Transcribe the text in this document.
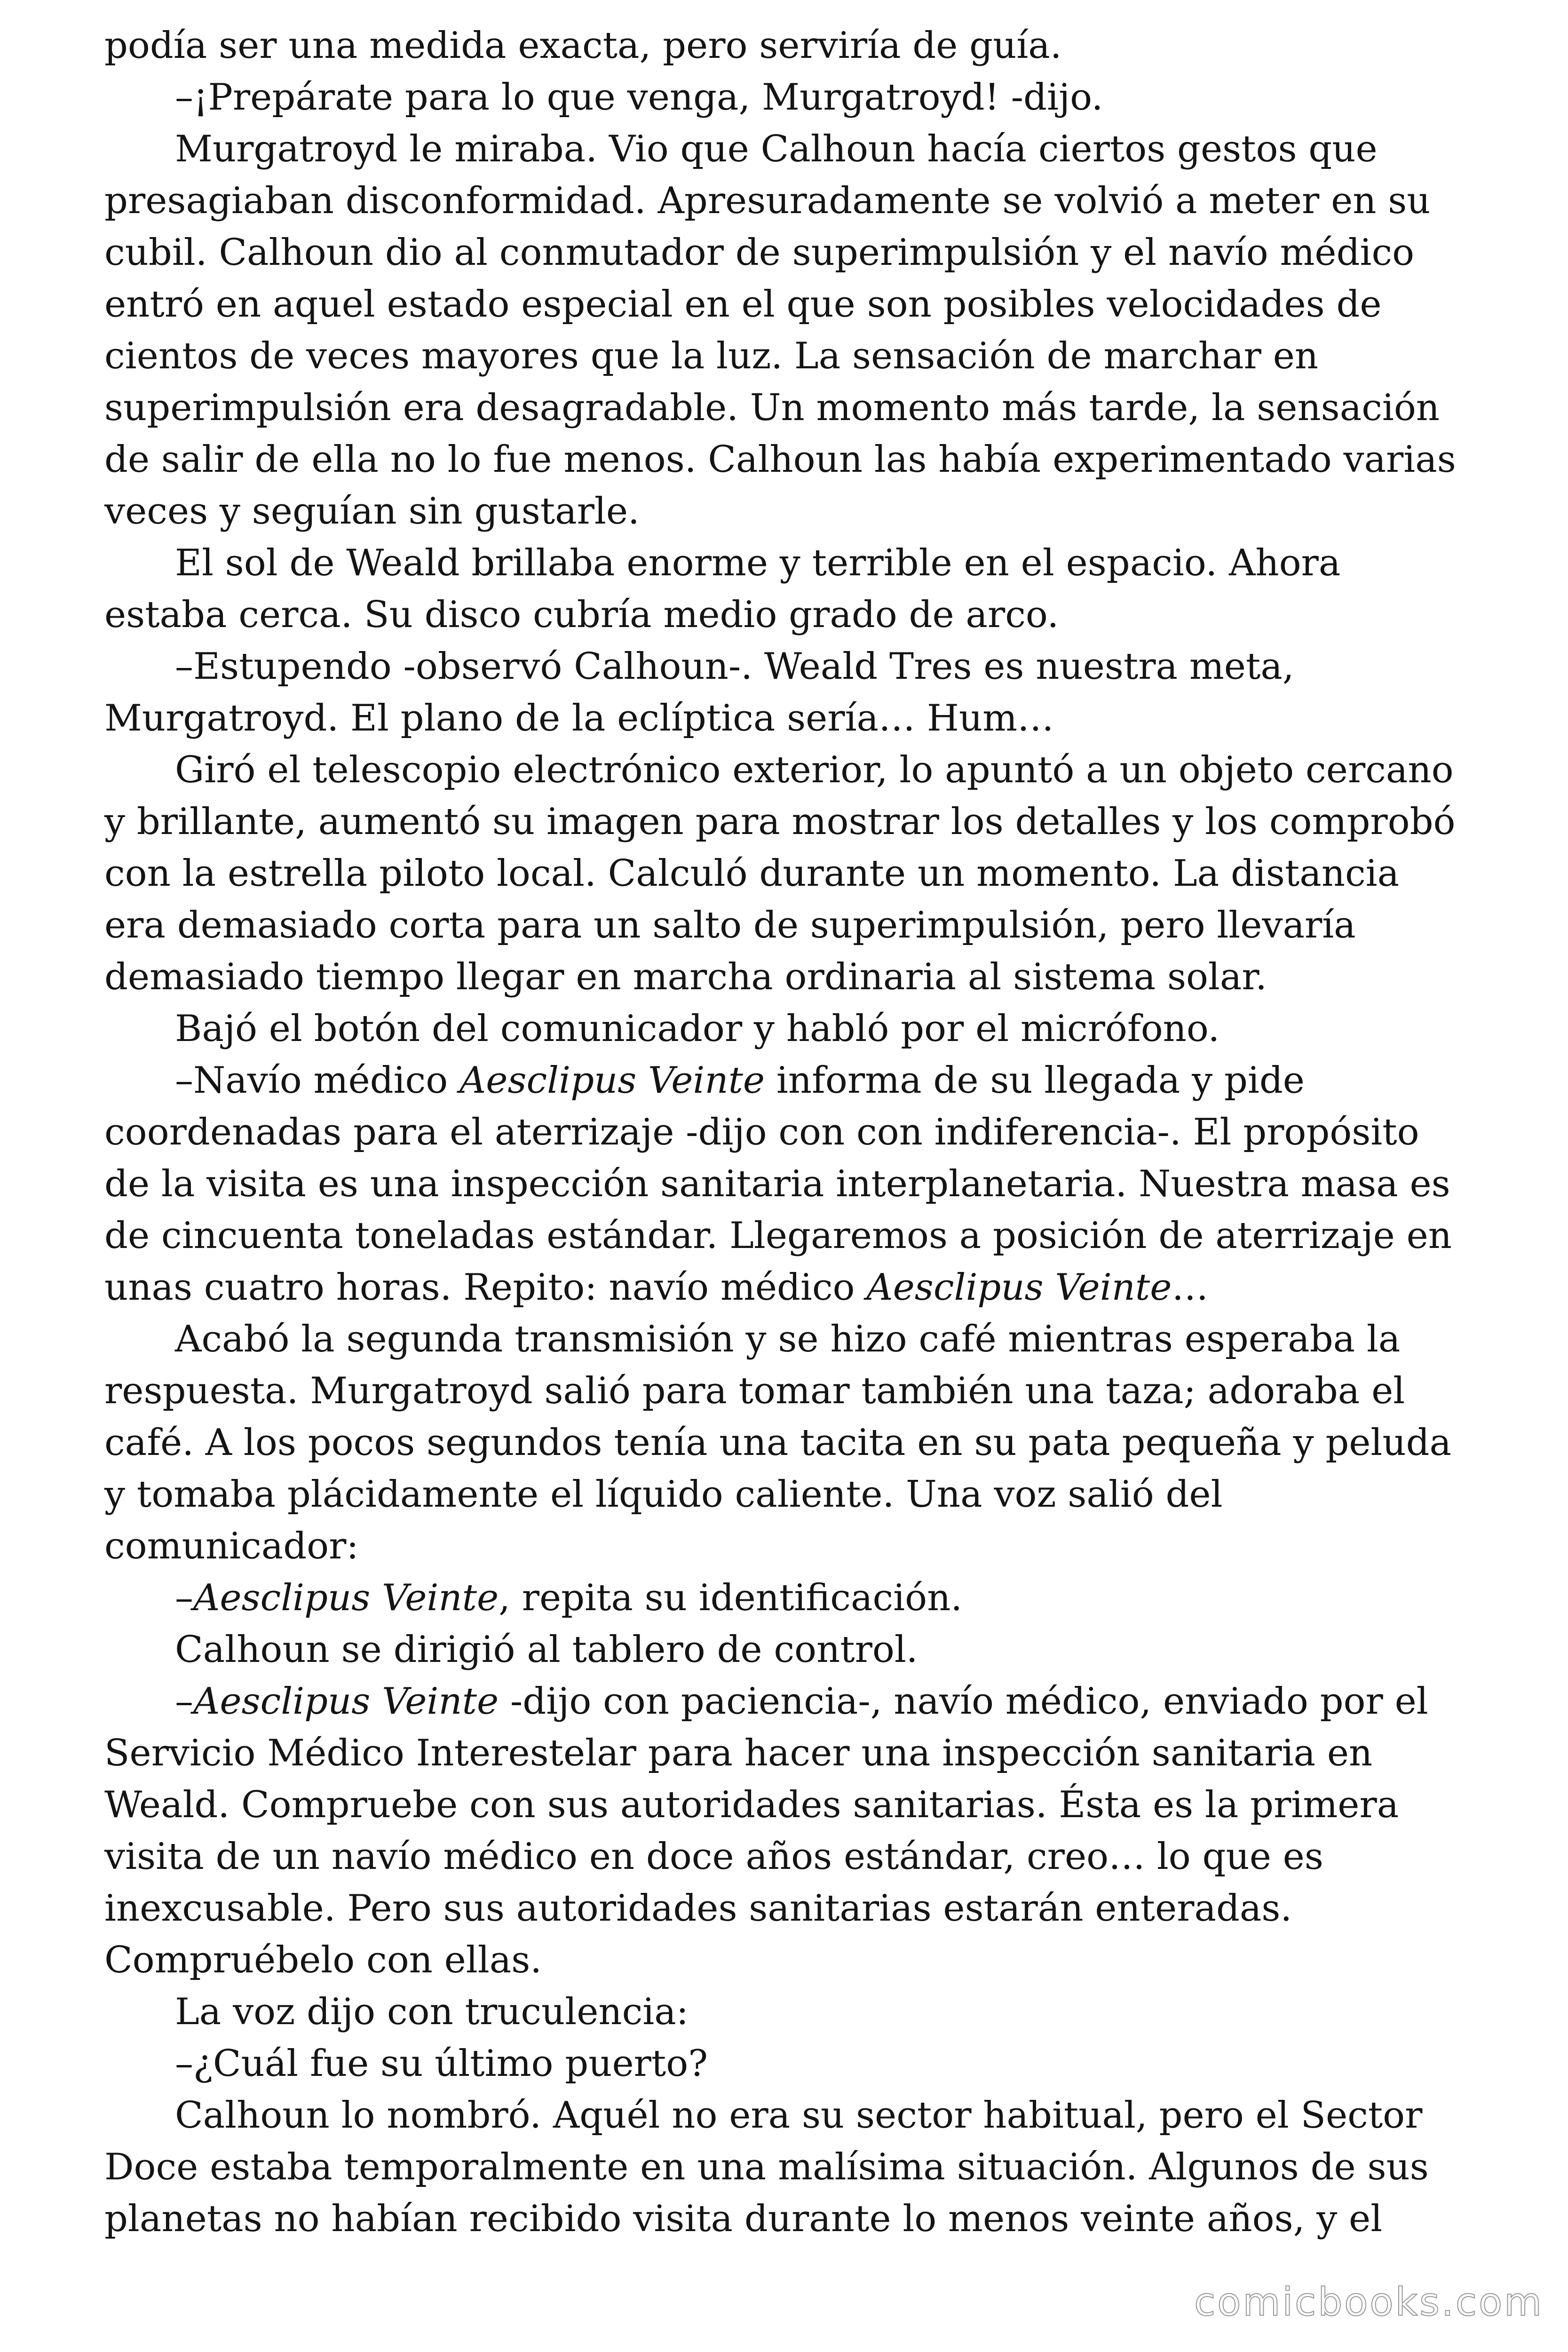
podía ser una medida exacta, pero serviría de guía.

–¡Prepárate para lo que venga, Murgatroyd! -dijo.

Murgatroyd le miraba. Vio que Calhoun hacía ciertos gestos que presagiaban disconformidad. Apresuradamente se volvió a meter en su cubil. Calhoun dio al conmutador de superimpulsión y el navío médico entró en aquel estado especial en el que son posibles velocidades de cientos de veces mayores que la luz. La sensación de marchar en superimpulsión era desagradable. Un momento más tarde, la sensación de salir de ella no lo fue menos. Calhoun las había experimentado varias veces y seguían sin gustarle.

El sol de Weald brillaba enorme y terrible en el espacio. Ahora estaba cerca. Su disco cubría medio grado de arco.

–Estupendo -observó Calhoun-. Weald Tres es nuestra meta, Murgatroyd. El plano de la eclíptica sería… Hum…

Giró el telescopio electrónico exterior, lo apuntó a un objeto cercano y brillante, aumentó su imagen para mostrar los detalles y los comprobó con la estrella piloto local. Calculó durante un momento. La distancia era demasiado corta para un salto de superimpulsión, pero llevaría demasiado tiempo llegar en marcha ordinaria al sistema solar.

Bajó el botón del comunicador y habló por el micrófono.

–Navío médico Aesclipus Veinte informa de su llegada y pide coordenadas para el aterrizaje -dijo con con indiferencia-. El propósito de la visita es una inspección sanitaria interplanetaria. Nuestra masa es de cincuenta toneladas estándar. Llegaremos a posición de aterrizaje en unas cuatro horas. Repito: navío médico Aesclipus Veinte…

Acabó la segunda transmisión y se hizo café mientras esperaba la respuesta. Murgatroyd salió para tomar también una taza; adoraba el café. A los pocos segundos tenía una tacita en su pata pequeña y peluda y tomaba plácidamente el líquido caliente. Una voz salió del comunicador:

–Aesclipus Veinte, repita su identificación.

Calhoun se dirigió al tablero de control.

–Aesclipus Veinte -dijo con paciencia-, navío médico, enviado por el Servicio Médico Interestelar para hacer una inspección sanitaria en Weald. Compruebe con sus autoridades sanitarias. Ésta es la primera visita de un navío médico en doce años estándar, creo… lo que es inexcusable. Pero sus autoridades sanitarias estarán enteradas. Compruébelo con ellas.

La voz dijo con truculencia:

–¿Cuál fue su último puerto?

Calhoun lo nombró. Aquél no era su sector habitual, pero el Sector Doce estaba temporalmente en una malísima situación. Algunos de sus planetas no habían recibido visita durante lo menos veinte años, y el

comicbooks.com
